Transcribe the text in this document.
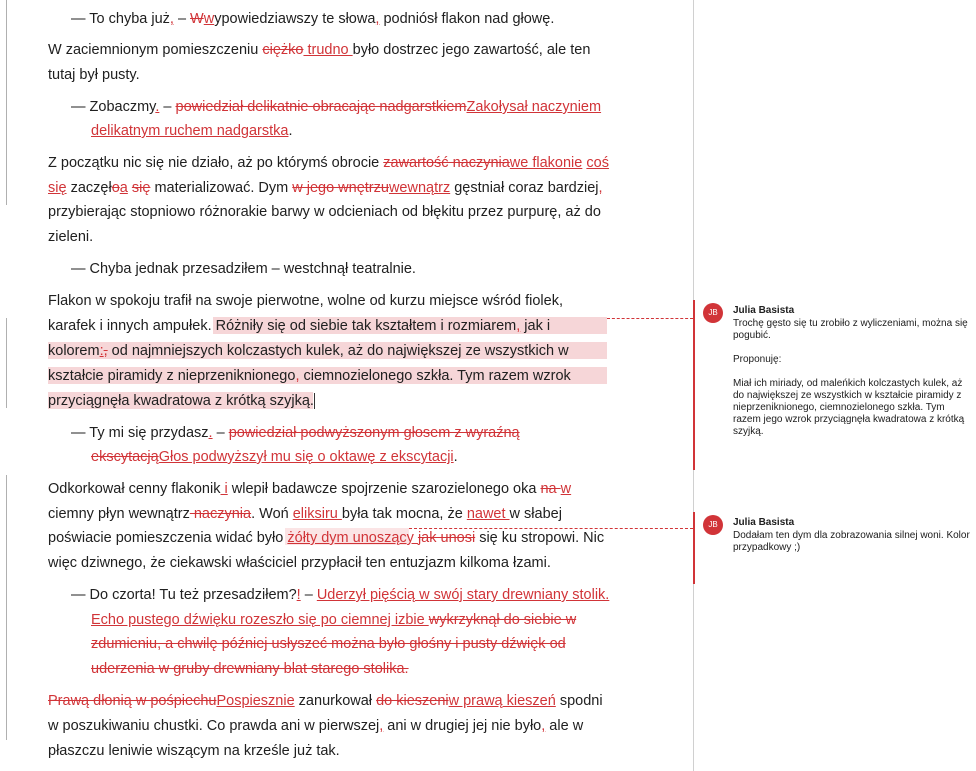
— To chyba już, – Wwypowiedziawszy te słowa, podniósł flakon nad głowę.
W zaciemnionym pomieszczeniu ciężko trudno było dostrzec jego zawartość, ale ten
tutaj był pusty.
— Zobaczmy. – powiedział delikatnie obracając nadgarstkiemZakołysał naczyniem
delikatnym ruchem nadgarstka.
Z początku nic się nie działo, aż po którymś obrocie zawartość naczyniawe flakonie coś
się zaczęłoa się materializować. Dym w jego wnętrzuwewnątrz gęstniał coraz bardziej,
przybierając stopniowo różnorakie barwy w odcieniach od błękitu przez purpurę, aż do
zieleni.
— Chyba jednak przesadziłem – westchnął teatralnie.
Flakon w spokoju trafił na swoje pierwotne, wolne od kurzu miejsce wśród fiolek,
karafek i innych ampułek. Różniły się od siebie tak kształtem i rozmiarem, jak i
kolorem:, od najmniejszych kolczastych kulek, aż do największej ze wszystkich w
kształcie piramidy z nieprzeniknionego, ciemnozielonego szkła. Tym razem wzrok
przyciągnęła kwadratowa z krótką szyjką.
— Ty mi się przydasz. – powiedział podwyższonym głosem z wyraźną
ekscytacjąGłos podwyższył mu się o oktawę z ekscytacji.
Odkorkował cenny flakonik i wlepił badawcze spojrzenie szarozielonego oka na w
ciemny płyn wewnątrz naczynia. Woń eliksiru była tak mocna, że nawet w słabej
poświacie pomieszczenia widać było żółty dym unoszący jak unosi się ku stropowi. Nic
więc dziwnego, że ciekawski właściciel przypłacił ten entuzjazm kilkoma łzami.
— Do czorta! Tu też przesadziłem?! – Uderzył pięścią w swój stary drewniany stolik.
Echo pustego dźwięku rozeszło się po ciemnej izbie wykrzyknął do siebie w
zdumieniu, a chwilę później usłyszeć można było głośny i pusty dźwięk od
uderzenia w gruby drewniany blat starego stolika.
Prawą dłonią w pośpiechuPospiesznie zanurkował do kieszeniw prawą kieszeń spodni
w poszukiwaniu chustki. Co prawda ani w pierwszej, ani w drugiej jej nie było, ale w
płaszczu leniwie wiszącym na krześle już tak.
JB	Julia Basista
Trochę gęsto się tu zrobiło z wyliczeniami, można się pogubić.

Proponuję:

Miał ich miriady, od maleńkich kolczastych kulek, aż do największej ze wszystkich w kształcie piramidy z nieprzeniknionego, ciemnozielonego szkła. Tym razem jego wzrok przyciągnęła kwadratowa z krótką szyjką.
JB	Julia Basista
Dodałam ten dym dla zobrazowania silnej woni. Kolor przypadkowy ;)
